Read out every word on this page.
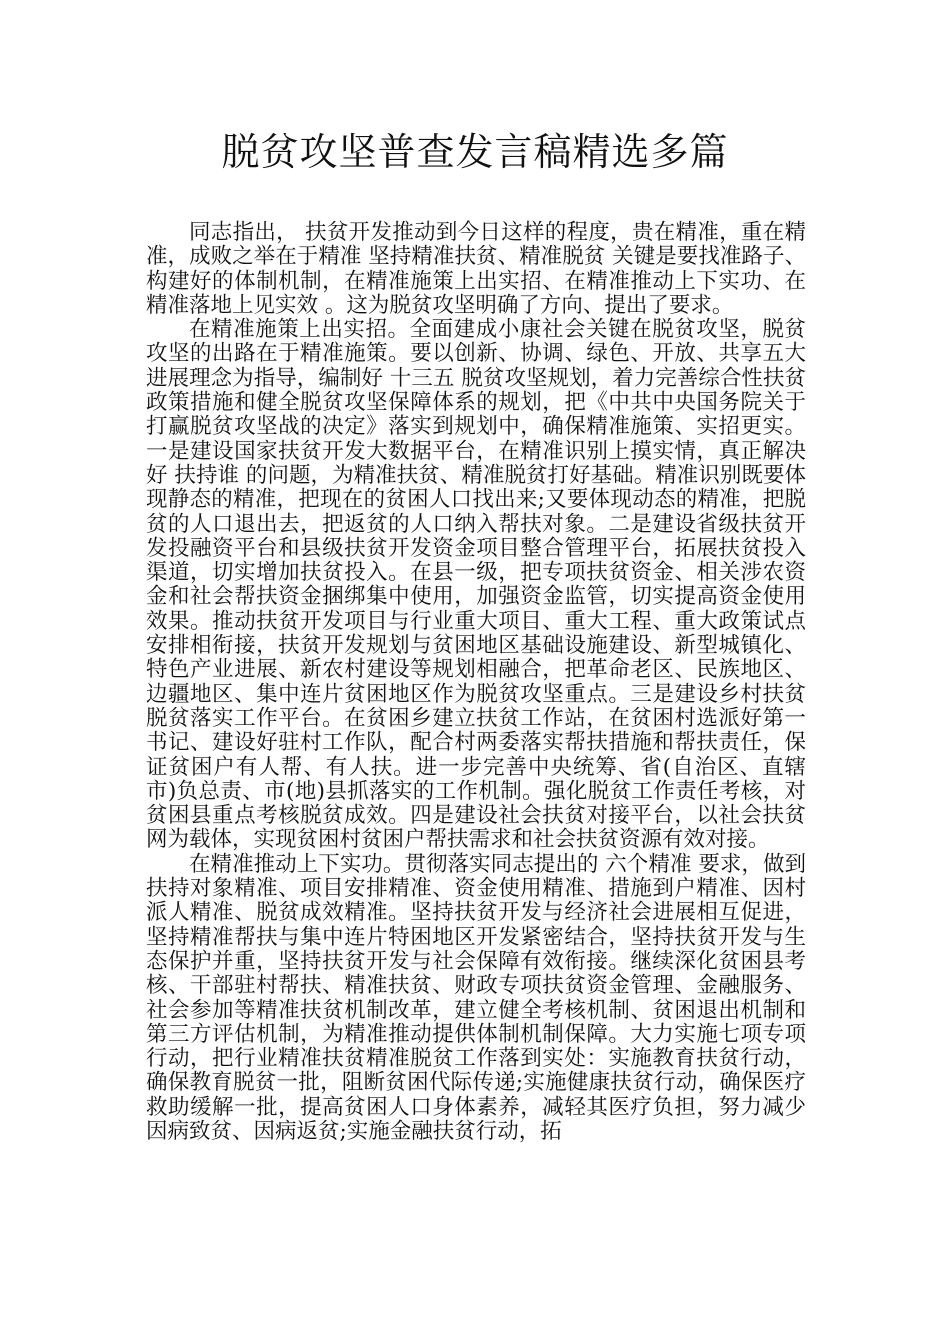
脱贫攻坚普查发言稿精选多篇

同志指出， 扶贫开发推动到今日这样的程度，贵在精准，重在精准，成败之举在于精准 坚持精准扶贫、精准脱贫 关键是要找准路子、构建好的体制机制，在精准施策上出实招、在精准推动上下实功、在精准落地上见实效 。这为脱贫攻坚明确了方向、提出了要求。

在精准施策上出实招。全面建成小康社会关键在脱贫攻坚，脱贫攻坚的出路在于精准施策。要以创新、协调、绿色、开放、共享五大进展理念为指导，编制好 十三五 脱贫攻坚规划，着力完善综合性扶贫政策措施和健全脱贫攻坚保障体系的规划，把《中共中央国务院关于打赢脱贫攻坚战的决定》落实到规划中，确保精准施策、实招更实。一是建设国家扶贫开发大数据平台，在精准识别上摸实情，真正解决好 扶持谁 的问题，为精准扶贫、精准脱贫打好基础。精准识别既要体现静态的精准，把现在的贫困人口找出来;又要体现动态的精准，把脱贫的人口退出去，把返贫的人口纳入帮扶对象。二是建设省级扶贫开发投融资平台和县级扶贫开发资金项目整合管理平台，拓展扶贫投入渠道，切实增加扶贫投入。在县一级，把专项扶贫资金、相关涉农资金和社会帮扶资金捆绑集中使用，加强资金监管，切实提高资金使用效果。推动扶贫开发项目与行业重大项目、重大工程、重大政策试点安排相衔接，扶贫开发规划与贫困地区基础设施建设、新型城镇化、特色产业进展、新农村建设等规划相融合，把革命老区、民族地区、边疆地区、集中连片贫困地区作为脱贫攻坚重点。三是建设乡村扶贫脱贫落实工作平台。在贫困乡建立扶贫工作站，在贫困村选派好第一书记、建设好驻村工作队，配合村两委落实帮扶措施和帮扶责任，保证贫困户有人帮、有人扶。进一步完善中央统筹、省(自治区、直辖市)负总责、市(地)县抓落实的工作机制。强化脱贫工作责任考核，对贫困县重点考核脱贫成效。四是建设社会扶贫对接平台，以社会扶贫网为载体，实现贫困村贫困户帮扶需求和社会扶贫资源有效对接。

在精准推动上下实功。贯彻落实同志提出的 六个精准 要求，做到扶持对象精准、项目安排精准、资金使用精准、措施到户精准、因村派人精准、脱贫成效精准。坚持扶贫开发与经济社会进展相互促进，坚持精准帮扶与集中连片特困地区开发紧密结合，坚持扶贫开发与生态保护并重，坚持扶贫开发与社会保障有效衔接。继续深化贫困县考核、干部驻村帮扶、精准扶贫、财政专项扶贫资金管理、金融服务、社会参加等精准扶贫机制改革，建立健全考核机制、贫困退出机制和第三方评估机制，为精准推动提供体制机制保障。大力实施七项专项行动，把行业精准扶贫精准脱贫工作落到实处：实施教育扶贫行动，确保教育脱贫一批，阻断贫困代际传递;实施健康扶贫行动，确保医疗救助缓解一批，提高贫困人口身体素养，减轻其医疗负担，努力减少因病致贫、因病返贫;实施金融扶贫行动，拓
